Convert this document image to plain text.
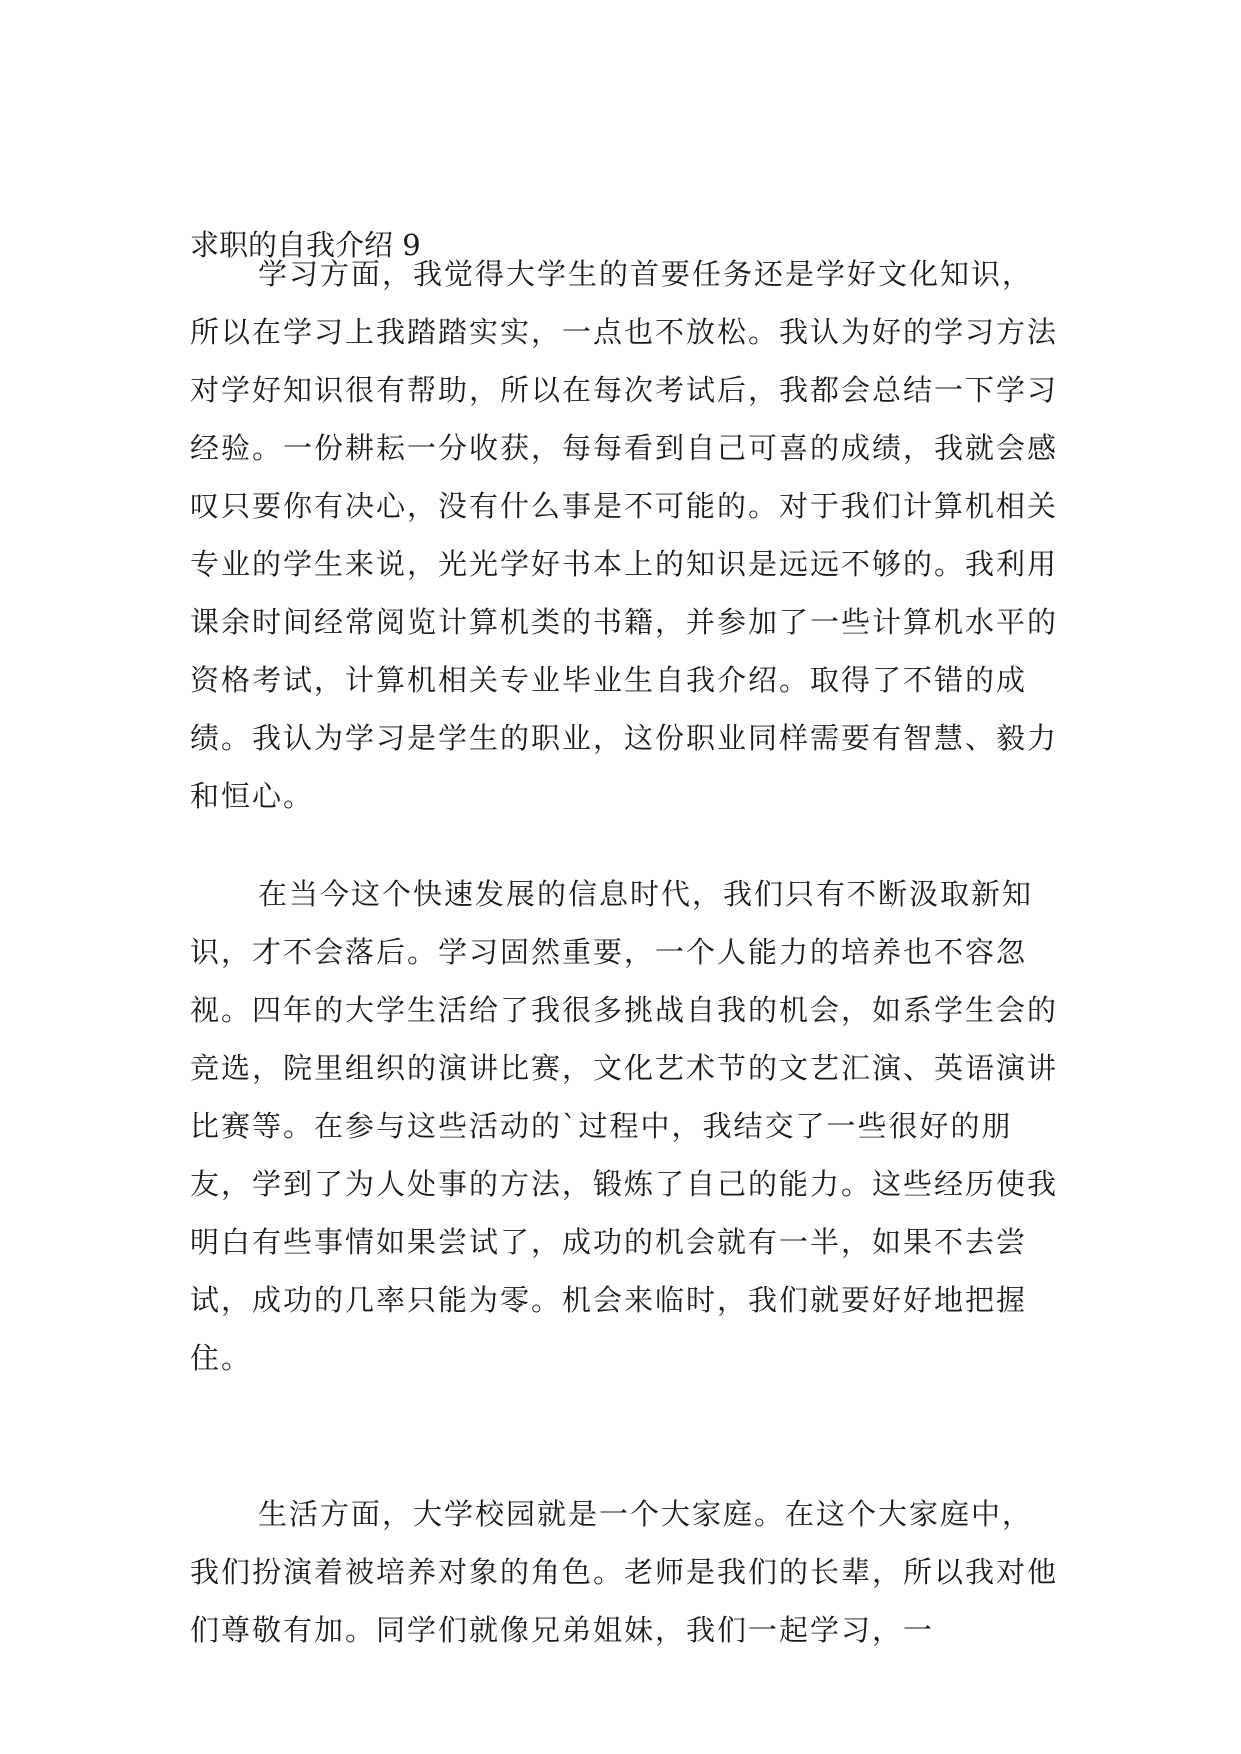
求职的自我介绍 9

学习方面，我觉得大学生的首要任务还是学好文化知识，所以在学习上我踏踏实实，一点也不放松。我认为好的学习方法对学好知识很有帮助，所以在每次考试后，我都会总结一下学习经验。一份耕耘一分收获，每每看到自己可喜的成绩，我就会感叹只要你有决心，没有什么事是不可能的。对于我们计算机相关专业的学生来说，光光学好书本上的知识是远远不够的。我利用课余时间经常阅览计算机类的书籍，并参加了一些计算机水平的资格考试，计算机相关专业毕业生自我介绍。取得了不错的成绩。我认为学习是学生的职业，这份职业同样需要有智慧、毅力和恒心。

在当今这个快速发展的信息时代，我们只有不断汲取新知识，才不会落后。学习固然重要，一个人能力的培养也不容忽视。四年的大学生活给了我很多挑战自我的机会，如系学生会的竞选，院里组织的演讲比赛，文化艺术节的文艺汇演、英语演讲比赛等。在参与这些活动的`过程中，我结交了一些很好的朋友，学到了为人处事的方法，锻炼了自己的能力。这些经历使我明白有些事情如果尝试了，成功的机会就有一半，如果不去尝试，成功的几率只能为零。机会来临时，我们就要好好地把握住。

生活方面，大学校园就是一个大家庭。在这个大家庭中，我们扮演着被培养对象的角色。老师是我们的长辈，所以我对他们尊敬有加。同学们就像兄弟姐妹，我们一起学习，一
